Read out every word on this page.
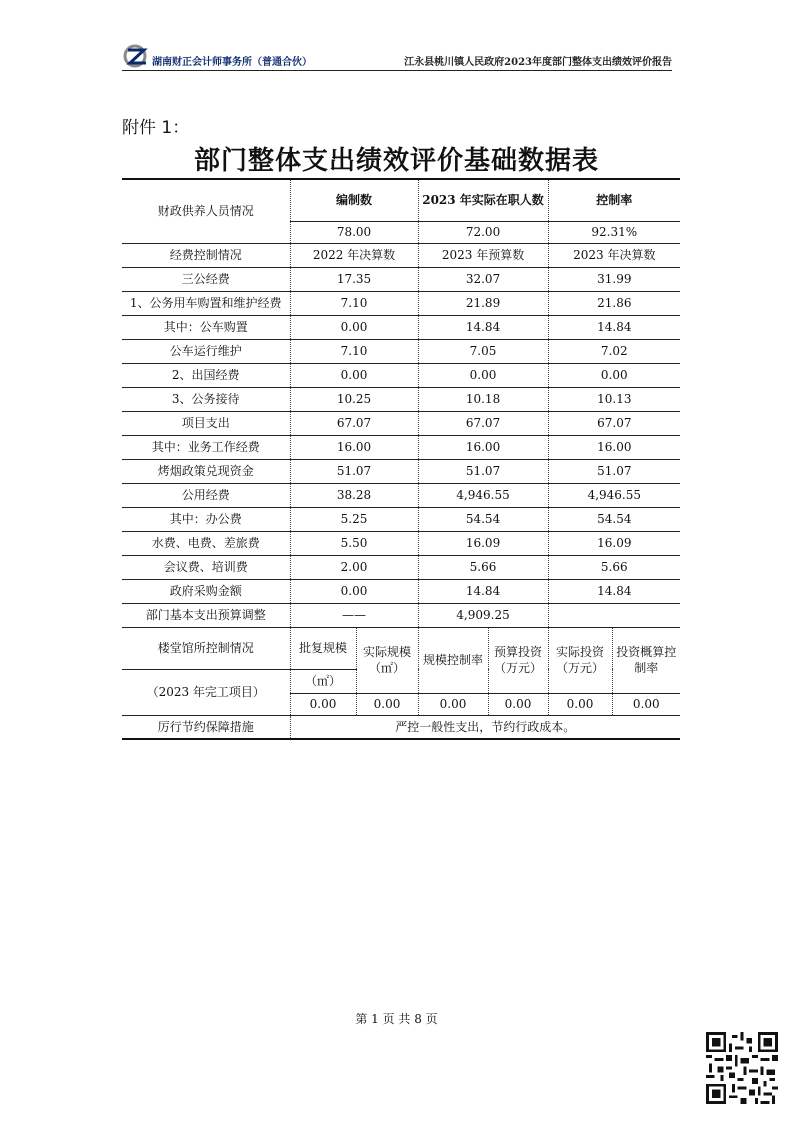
湖南财正会计师事务所（普通合伙）	江永县桃川镇人民政府2023年度部门整体支出绩效评价报告
附件 1：
部门整体支出绩效评价基础数据表
财政供养人员情况	编制数		2023 年实际在职人数		控制率	
	78.00		72.00		92.31%	
经费控制情况	2022 年决算数		2023 年预算数		2023 年决算数	
三公经费	17.35		32.07		31.99	
1、公务用车购置和维护经费	7.10		21.89		21.86	
其中：公车购置	0.00		14.84		14.84	
公车运行维护	7.10		7.05		7.02	
2、出国经费	0.00		0.00		0.00	
3、公务接待	10.25		10.18		10.13	
项目支出	67.07		67.07		67.07	
其中：业务工作经费	16.00		16.00		16.00	
烤烟政策兑现资金	51.07		51.07		51.07	
公用经费	38.28		4,946.55		4,946.55	
其中：办公费	5.25		54.54		54.54	
水费、电费、差旅费	5.50		16.09		16.09	
会议费、培训费	2.00		5.66		5.66	
政府采购金额	0.00		14.84		14.84	
部门基本支出预算调整	——		4,909.25			
楼堂馆所控制情况	批复规模	实际规模（㎡）	规模控制率	预算投资（万元）	实际投资（万元）	投资概算控制率
（2023 年完工项目）	（㎡）					
	0.00	0.00	0.00	0.00	0.00	0.00
厉行节约保障措施	严控一般性支出，节约行政成本。					
第 1 页 共 8 页
